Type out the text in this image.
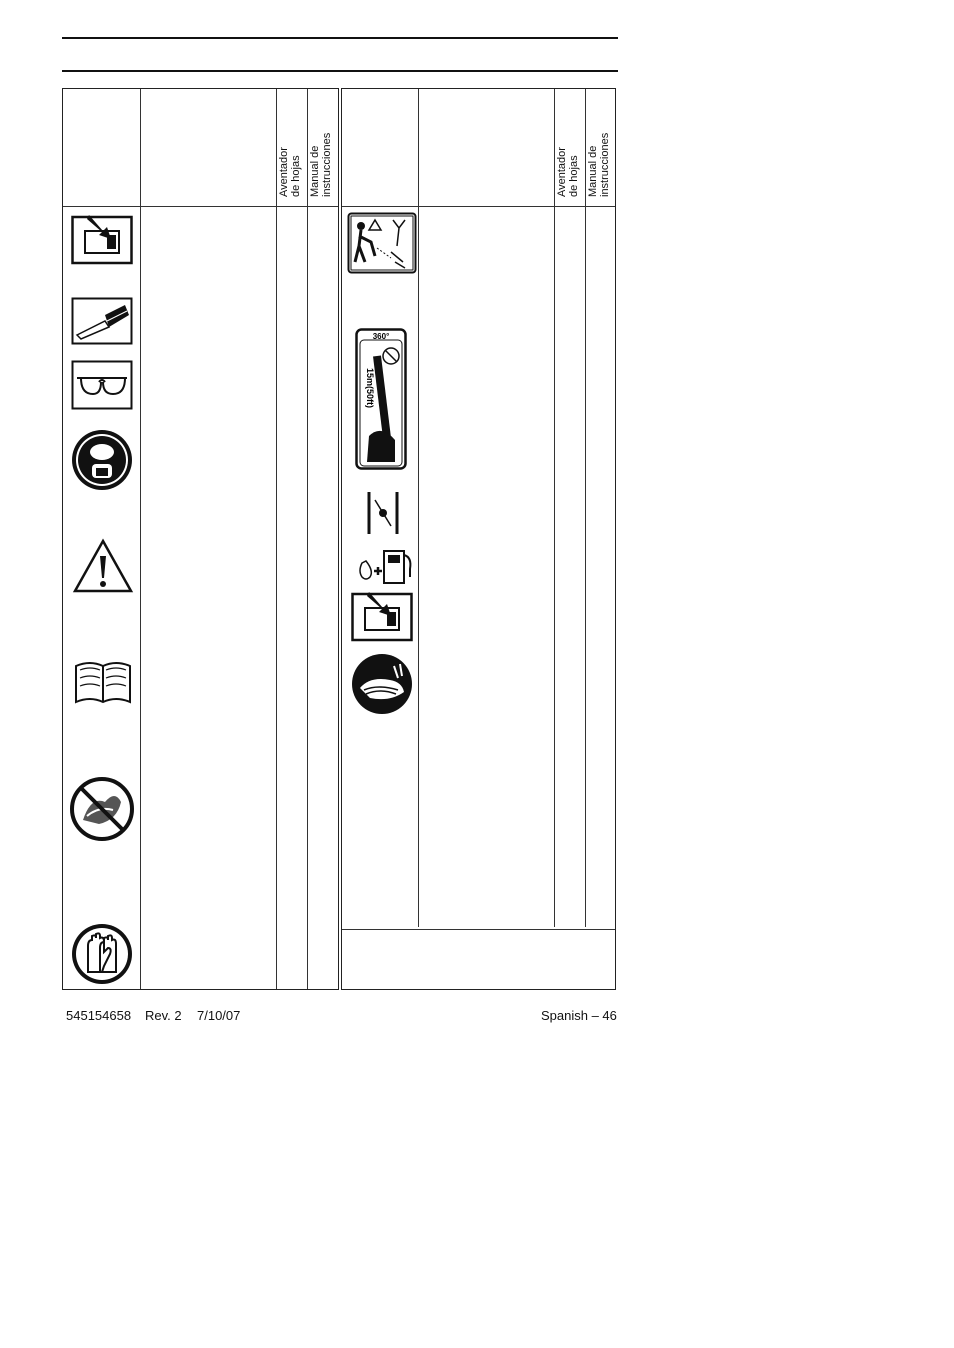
Aventador
de hojas Manual de
instrucciones	Aventador
de hojas Manual de
instrucciones
360°
15m(50ft)
545154658 Rev. 2 7/10/07	Spanish – 46
